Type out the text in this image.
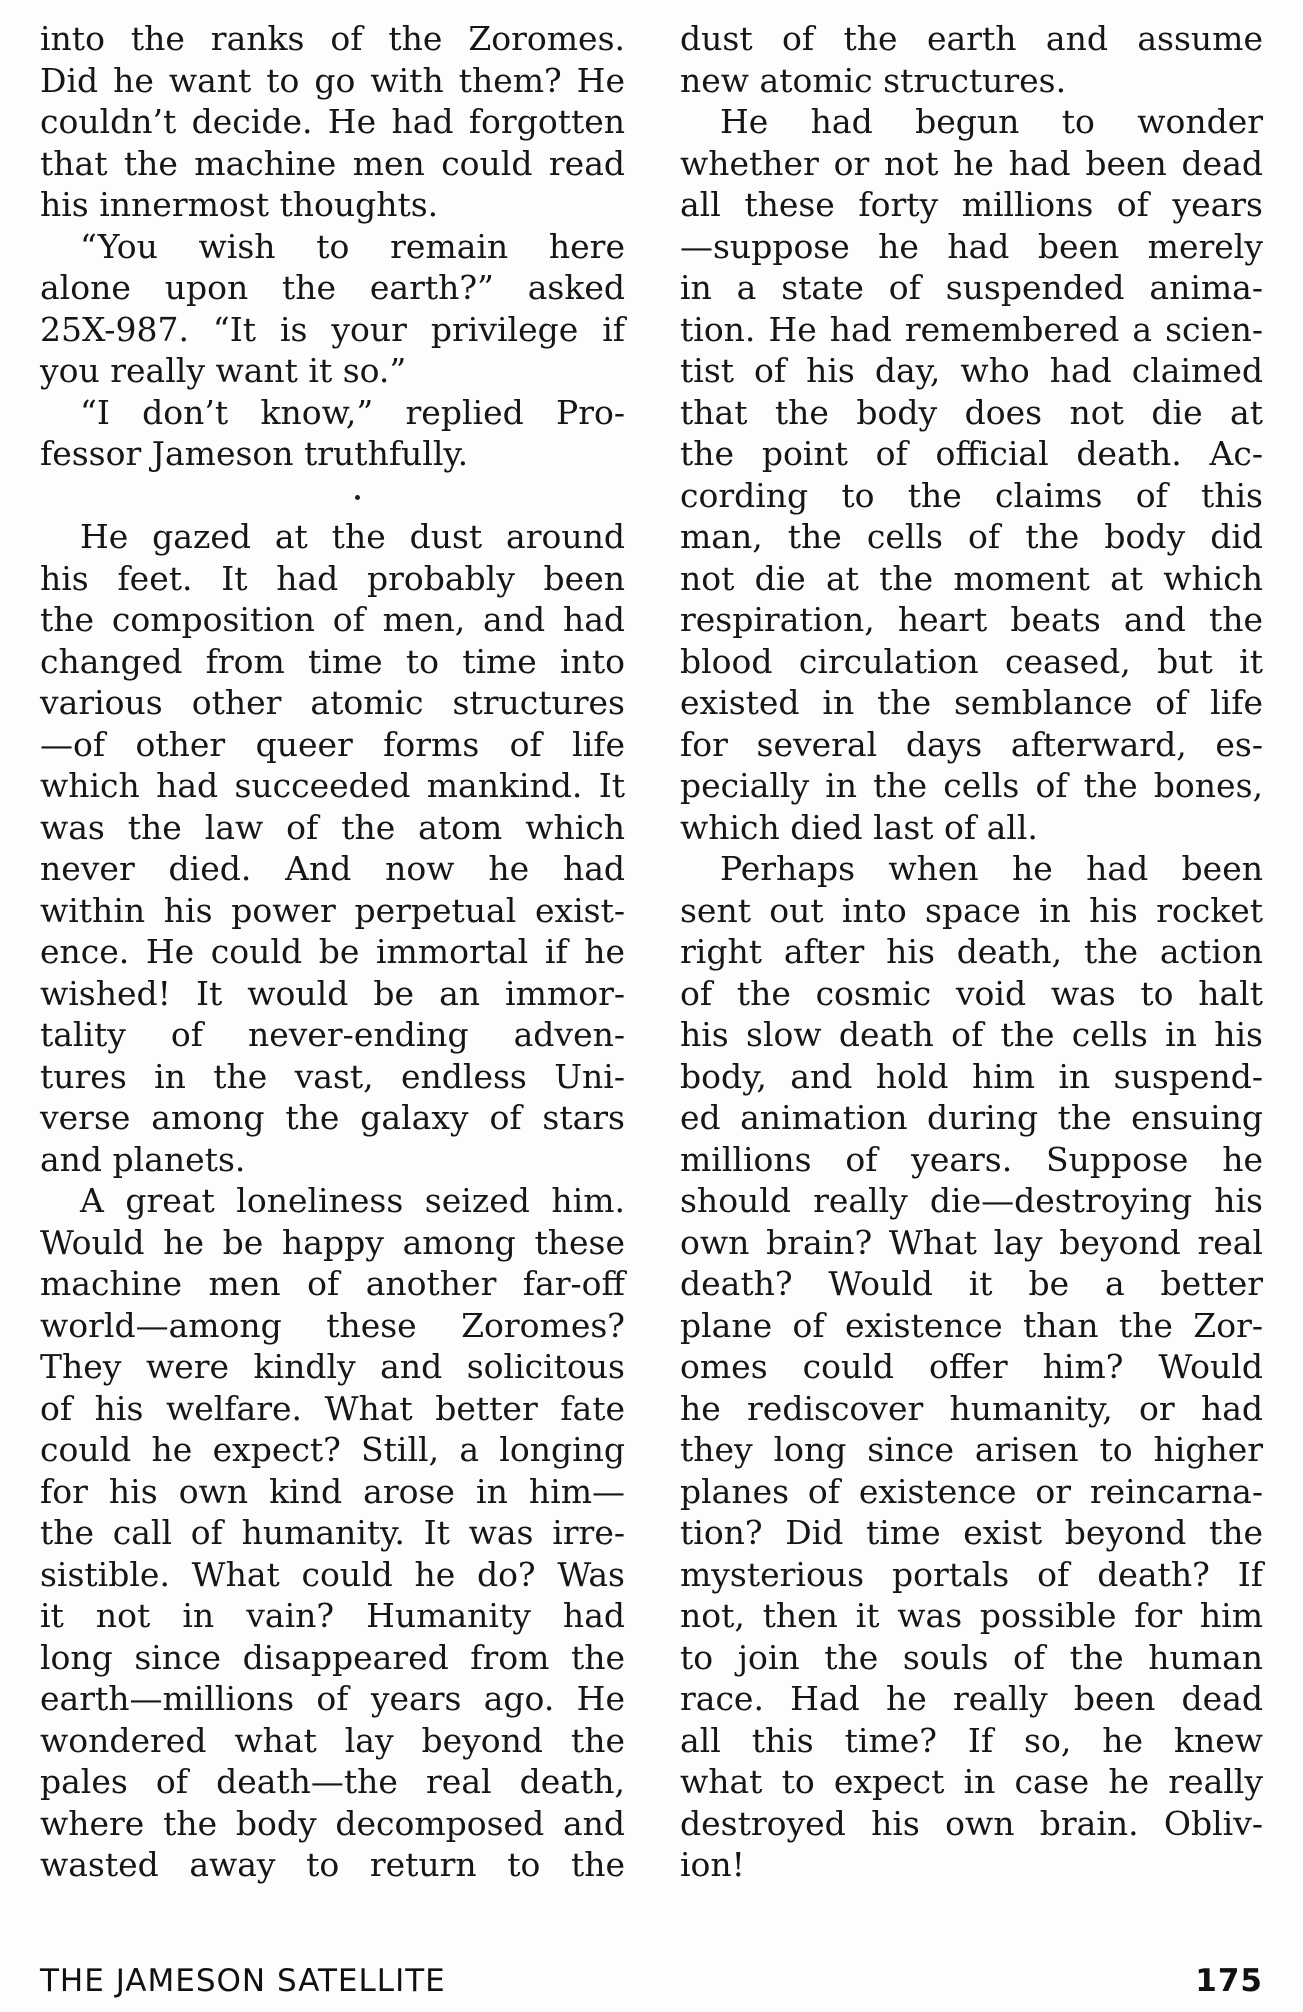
into the ranks of the Zoromes.
Did he want to go with them? He
couldn’t decide. He had forgotten
that the machine men could read
his innermost thoughts.
“You wish to remain here
alone upon the earth?” asked
25X-987. “It is your privilege if
you really want it so.”
“I don’t know,” replied Pro-
fessor Jameson truthfully.
He gazed at the dust around
his feet. It had probably been
the composition of men, and had
changed from time to time into
various other atomic structures
—of other queer forms of life
which had succeeded mankind. It
was the law of the atom which
never died. And now he had
within his power perpetual exist-
ence. He could be immortal if he
wished! It would be an immor-
tality of never-ending adven-
tures in the vast, endless Uni-
verse among the galaxy of stars
and planets.
A great loneliness seized him.
Would he be happy among these
machine men of another far-off
world—among these Zoromes?
They were kindly and solicitous
of his welfare. What better fate
could he expect? Still, a longing
for his own kind arose in him—
the call of humanity. It was irre-
sistible. What could he do? Was
it not in vain? Humanity had
long since disappeared from the
earth—millions of years ago. He
wondered what lay beyond the
pales of death—the real death,
where the body decomposed and
wasted away to return to the
dust of the earth and assume
new atomic structures.
He had begun to wonder
whether or not he had been dead
all these forty millions of years
—suppose he had been merely
in a state of suspended anima-
tion. He had remembered a scien-
tist of his day, who had claimed
that the body does not die at
the point of official death. Ac-
cording to the claims of this
man, the cells of the body did
not die at the moment at which
respiration, heart beats and the
blood circulation ceased, but it
existed in the semblance of life
for several days afterward, es-
pecially in the cells of the bones,
which died last of all.
Perhaps when he had been
sent out into space in his rocket
right after his death, the action
of the cosmic void was to halt
his slow death of the cells in his
body, and hold him in suspend-
ed animation during the ensuing
millions of years. Suppose he
should really die—destroying his
own brain? What lay beyond real
death? Would it be a better
plane of existence than the Zor-
omes could offer him? Would
he rediscover humanity, or had
they long since arisen to higher
planes of existence or reincarna-
tion? Did time exist beyond the
mysterious portals of death? If
not, then it was possible for him
to join the souls of the human
race. Had he really been dead
all this time? If so, he knew
what to expect in case he really
destroyed his own brain. Obliv-
ion!
THE JAMESON SATELLITE	175
